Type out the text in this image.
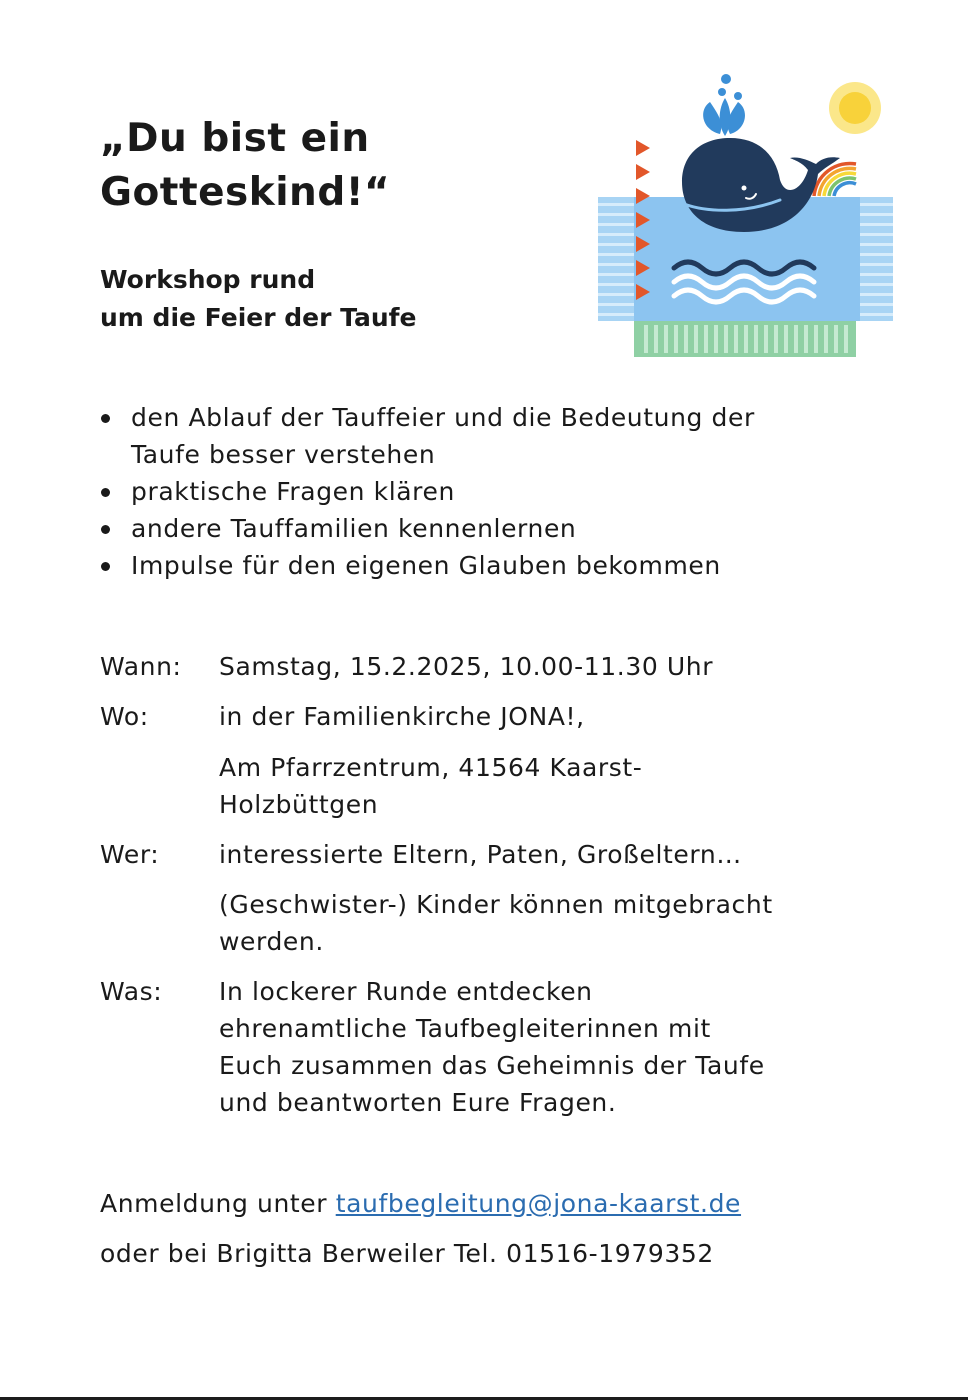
„Du bist ein
Gotteskind!“
Workshop rund
um die Feier der Taufe
den Ablauf der Tauffeier und die Bedeutung der
Taufe besser verstehen
praktische Fragen klären
andere Tauffamilien kennenlernen
Impulse für den eigenen Glauben bekommen
Wann:	Samstag, 15.2.2025, 10.00-11.30 Uhr
Wo:	in der Familienkirche JONA!,
Am Pfarrzentrum, 41564 Kaarst-
Holzbüttgen
Wer:	interessierte Eltern, Paten, Großeltern…
(Geschwister-) Kinder können mitgebracht
werden.
Was:	In lockerer Runde entdecken
ehrenamtliche Taufbegleiterinnen mit
Euch zusammen das Geheimnis der Taufe
und beantworten Eure Fragen.
Anmeldung unter taufbegleitung@jona-kaarst.de
oder bei Brigitta Berweiler Tel. 01516-1979352
